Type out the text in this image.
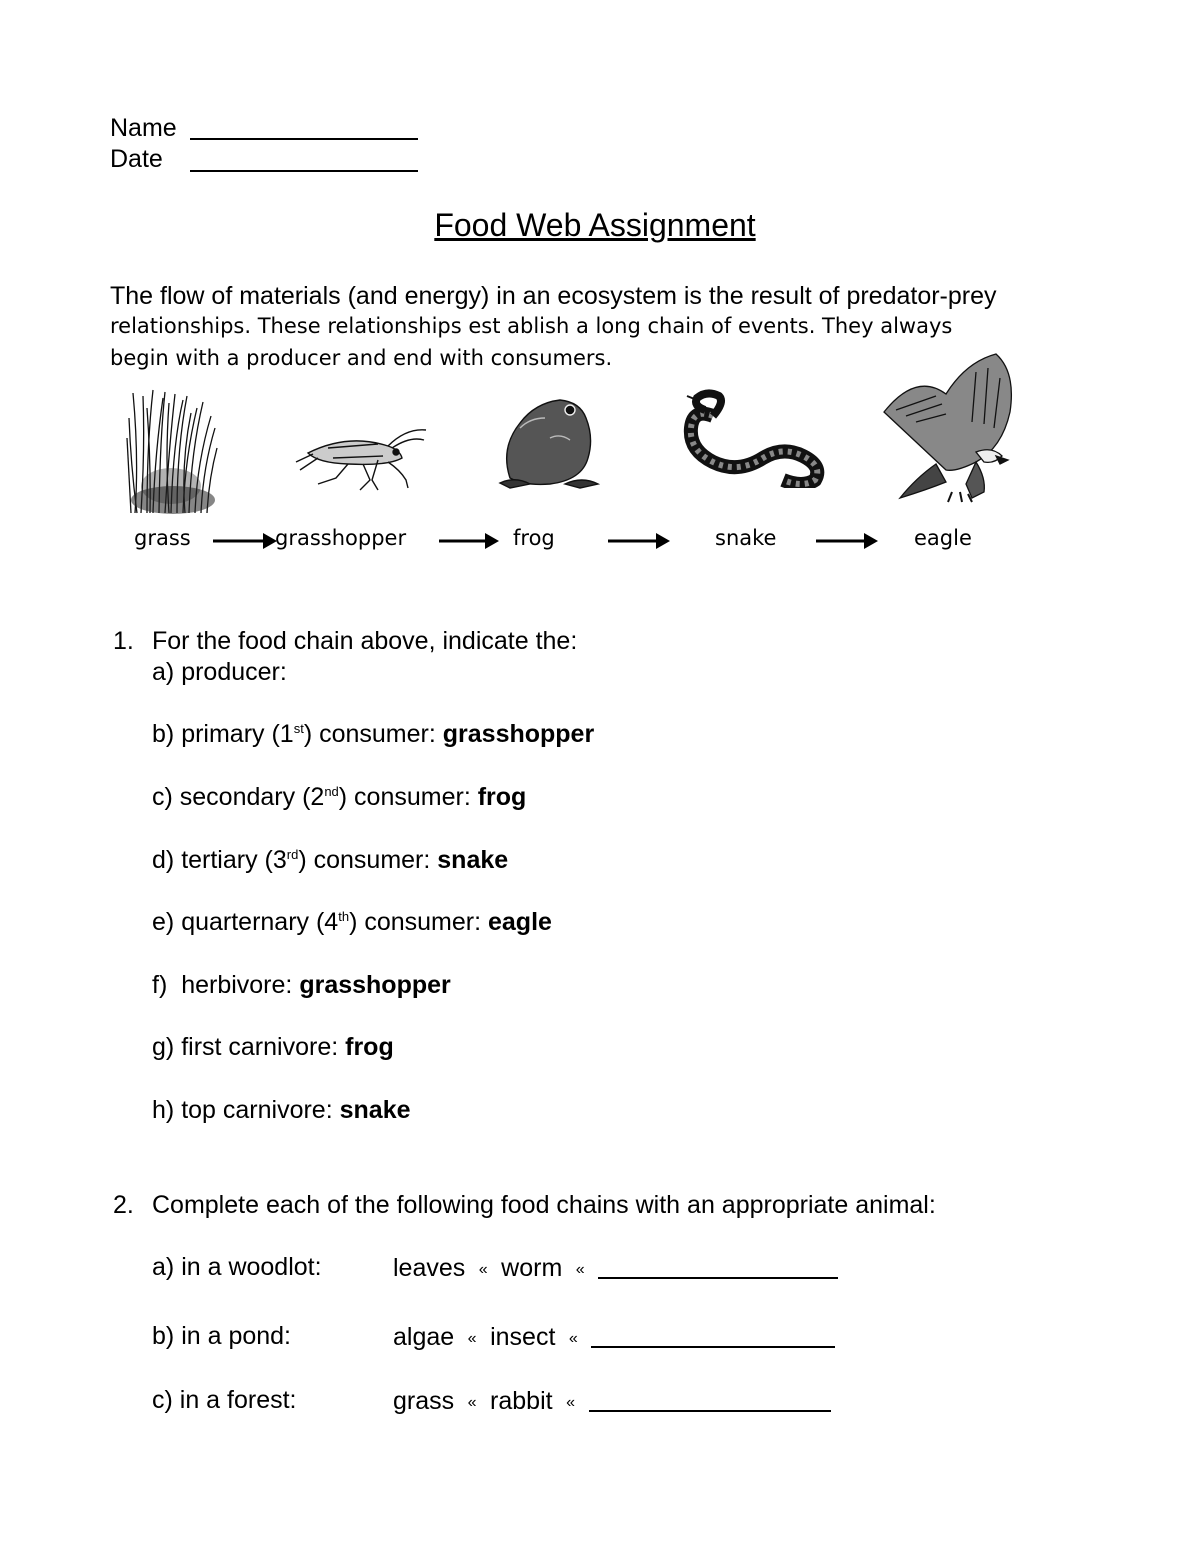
Name
Date
Food Web Assignment
The flow of materials (and energy) in an ecosystem is the result of predator-prey
relationships. These relationships est ablish a long chain of events. They always
begin with a producer and end with consumers.
grass	grasshopper	frog	snake	eagle
1. For the food chain above, indicate the:
a) producer:
b) primary (1st) consumer: grasshopper
c) secondary (2nd) consumer: frog
d) tertiary (3rd) consumer: snake
e) quarternary (4th) consumer: eagle
f) herbivore: grasshopper
g) first carnivore: frog
h) top carnivore: snake
2. Complete each of the following food chains with an appropriate animal:
a) in a woodlot:	leaves « worm «
b) in a pond:	algae « insect «
c) in a forest:	grass « rabbit «
